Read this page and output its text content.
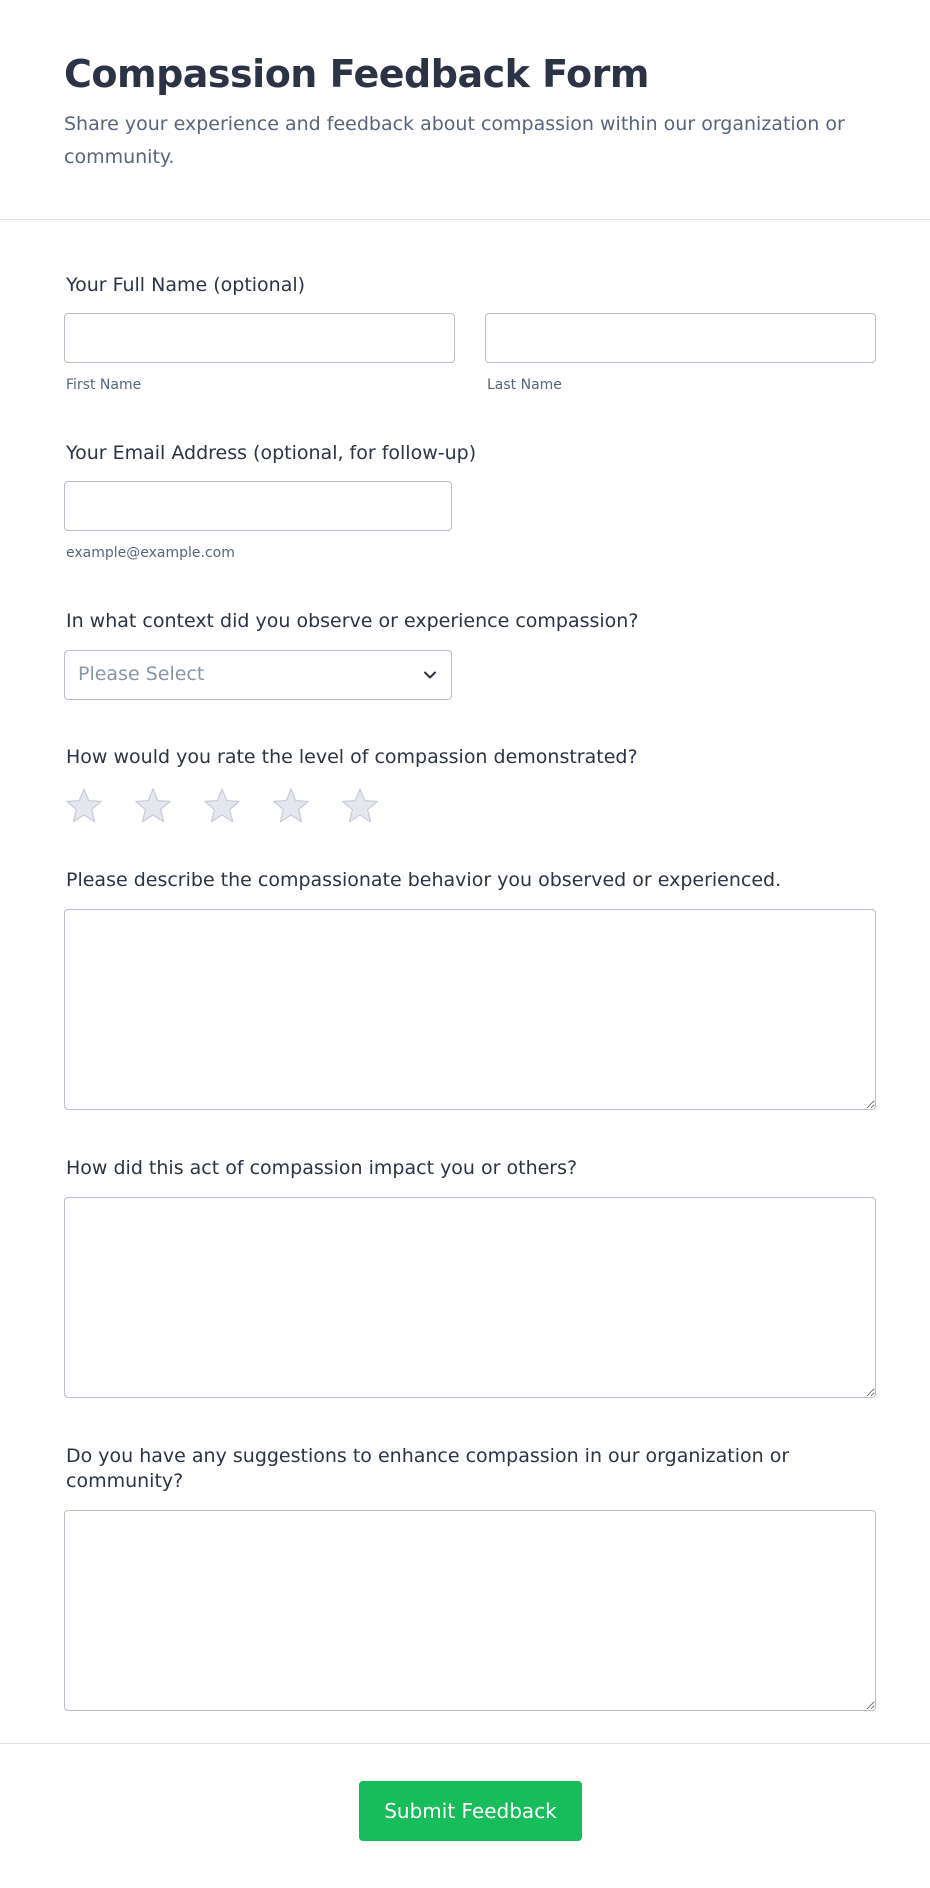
Compassion Feedback Form

Share your experience and feedback about compassion within our organization or community.

Your Full Name (optional)
First Name	Last Name
Your Email Address (optional, for follow-up)
example@example.com
In what context did you observe or experience compassion?
Please Select
How would you rate the level of compassion demonstrated?
Please describe the compassionate behavior you observed or experienced.
How did this act of compassion impact you or others?
Do you have any suggestions to enhance compassion in our organization or community?
Submit Feedback
